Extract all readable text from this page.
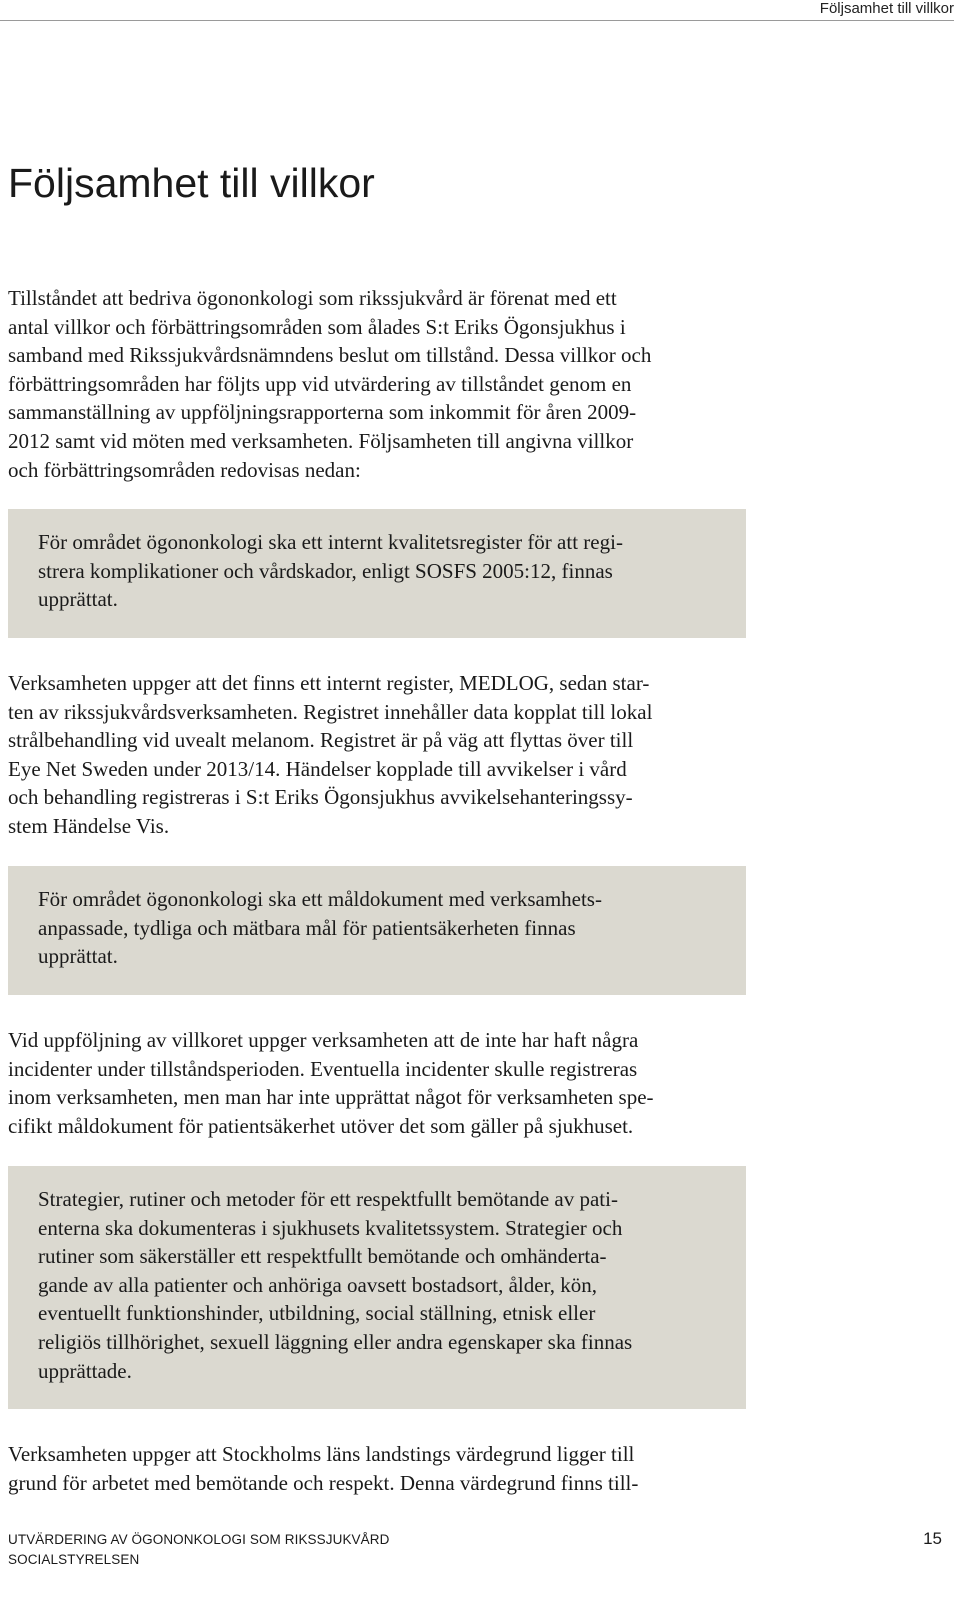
Följsamhet till villkor
Följsamhet till villkor

Tillståndet att bedriva ögononkologi som rikssjukvård är förenat med ett
antal villkor och förbättringsområden som ålades S:t Eriks Ögonsjukhus i
samband med Rikssjukvårdsnämndens beslut om tillstånd. Dessa villkor och
förbättringsområden har följts upp vid utvärdering av tillståndet genom en
sammanställning av uppföljningsrapporterna som inkommit för åren 2009-
2012 samt vid möten med verksamheten. Följsamheten till angivna villkor
och förbättringsområden redovisas nedan:

För området ögononkologi ska ett internt kvalitetsregister för att regi-
strera komplikationer och vårdskador, enligt SOSFS 2005:12, finnas
upprättat.

Verksamheten uppger att det finns ett internt register, MEDLOG, sedan star-
ten av rikssjukvårdsverksamheten. Registret innehåller data kopplat till lokal
strålbehandling vid uvealt melanom. Registret är på väg att flyttas över till
Eye Net Sweden under 2013/14. Händelser kopplade till avvikelser i vård
och behandling registreras i S:t Eriks Ögonsjukhus avvikelsehanteringssy-
stem Händelse Vis.

För området ögononkologi ska ett måldokument med verksamhets-
anpassade, tydliga och mätbara mål för patientsäkerheten finnas
upprättat.

Vid uppföljning av villkoret uppger verksamheten att de inte har haft några
incidenter under tillståndsperioden. Eventuella incidenter skulle registreras
inom verksamheten, men man har inte upprättat något för verksamheten spe-
cifikt måldokument för patientsäkerhet utöver det som gäller på sjukhuset.

Strategier, rutiner och metoder för ett respektfullt bemötande av pati-
enterna ska dokumenteras i sjukhusets kvalitetssystem. Strategier och
rutiner som säkerställer ett respektfullt bemötande och omhänderta-
gande av alla patienter och anhöriga oavsett bostadsort, ålder, kön,
eventuellt funktionshinder, utbildning, social ställning, etnisk eller
religiös tillhörighet, sexuell läggning eller andra egenskaper ska finnas
upprättade.

Verksamheten uppger att Stockholms läns landstings värdegrund ligger till
grund för arbetet med bemötande och respekt. Denna värdegrund finns till-

UTVÄRDERING AV ÖGONONKOLOGI SOM RIKSSJUKVÅRD
SOCIALSTYRELSEN
15
